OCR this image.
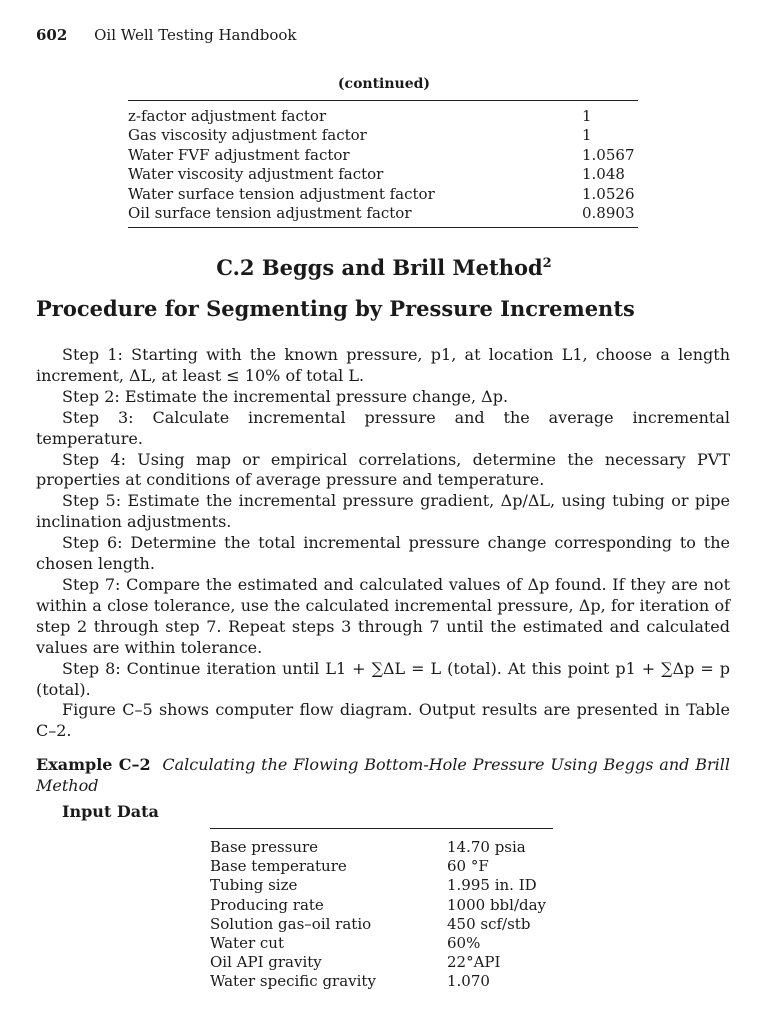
602 Oil Well Testing Handbook
(continued)
z-factor adjustment factor	1
Gas viscosity adjustment factor	1
Water FVF adjustment factor	1.0567
Water viscosity adjustment factor	1.048
Water surface tension adjustment factor	1.0526
Oil surface tension adjustment factor	0.8903
C.2 Beggs and Brill Method$^2$
Procedure for Segmenting by Pressure Increments

Step 1: Starting with the known pressure, p1, at location L1, choose a length increment, ΔL, at least ≤ 10% of total L.

Step 2: Estimate the incremental pressure change, Δp.

Step 3: Calculate incremental pressure and the average incremental temperature.

Step 4: Using map or empirical correlations, determine the necessary PVT properties at conditions of average pressure and temperature.

Step 5: Estimate the incremental pressure gradient, Δp/ΔL, using tubing or pipe inclination adjustments.

Step 6: Determine the total incremental pressure change corresponding to the chosen length.

Step 7: Compare the estimated and calculated values of Δp found. If they are not within a close tolerance, use the calculated incremental pressure, Δp, for iteration of step 2 through step 7. Repeat steps 3 through 7 until the estimated and calculated values are within tolerance.

Step 8: Continue iteration until L1 + ∑ΔL = L (total). At this point p1 + ∑Δp = p (total).

Figure C–5 shows computer flow diagram. Output results are presented in Table C–2.

Example C–2 Calculating the Flowing Bottom-Hole Pressure Using Beggs and Brill Method
Input Data
Base pressure	14.70 psia
Base temperature	60 °F
Tubing size	1.995 in. ID
Producing rate	1000 bbl/day
Solution gas–oil ratio	450 scf/stb
Water cut	60%
Oil API gravity	22°API
Water specific gravity	1.070
